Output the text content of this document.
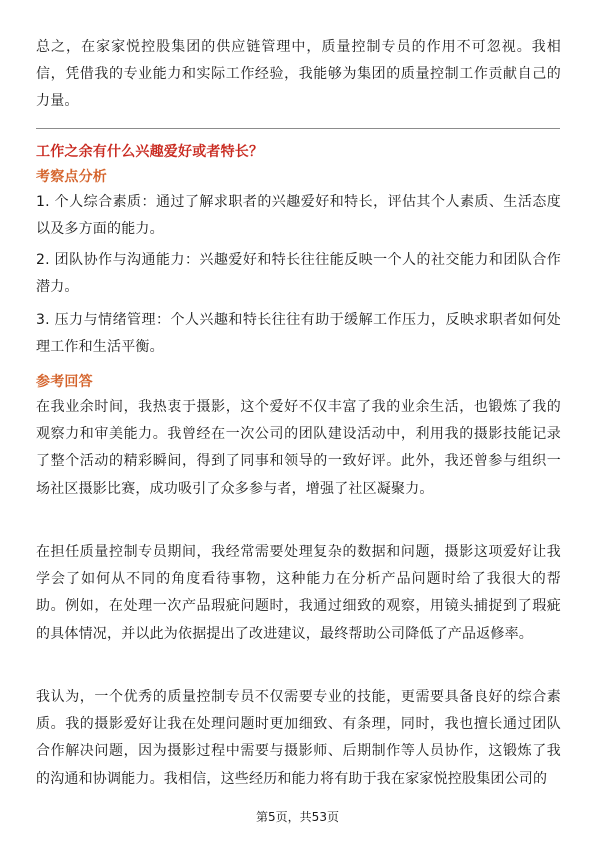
总之，在家家悦控股集团的供应链管理中，质量控制专员的作用不可忽视。我相信，凭借我的专业能力和实际工作经验，我能够为集团的质量控制工作贡献自己的力量。

工作之余有什么兴趣爱好或者特长？
考察点分析

1. 个人综合素质：通过了解求职者的兴趣爱好和特长，评估其个人素质、生活态度以及多方面的能力。

2. 团队协作与沟通能力：兴趣爱好和特长往往能反映一个人的社交能力和团队合作潜力。

3. 压力与情绪管理：个人兴趣和特长往往有助于缓解工作压力，反映求职者如何处理工作和生活平衡。

参考回答

在我业余时间，我热衷于摄影，这个爱好不仅丰富了我的业余生活，也锻炼了我的观察力和审美能力。我曾经在一次公司的团队建设活动中，利用我的摄影技能记录了整个活动的精彩瞬间，得到了同事和领导的一致好评。此外，我还曾参与组织一场社区摄影比赛，成功吸引了众多参与者，增强了社区凝聚力。

在担任质量控制专员期间，我经常需要处理复杂的数据和问题，摄影这项爱好让我学会了如何从不同的角度看待事物，这种能力在分析产品问题时给了我很大的帮助。例如，在处理一次产品瑕疵问题时，我通过细致的观察，用镜头捕捉到了瑕疵的具体情况，并以此为依据提出了改进建议，最终帮助公司降低了产品返修率。

我认为，一个优秀的质量控制专员不仅需要专业的技能，更需要具备良好的综合素质。我的摄影爱好让我在处理问题时更加细致、有条理，同时，我也擅长通过团队合作解决问题，因为摄影过程中需要与摄影师、后期制作等人员协作，这锻炼了我的沟通和协调能力。我相信，这些经历和能力将有助于我在家家悦控股集团公司的

第5页，共53页
